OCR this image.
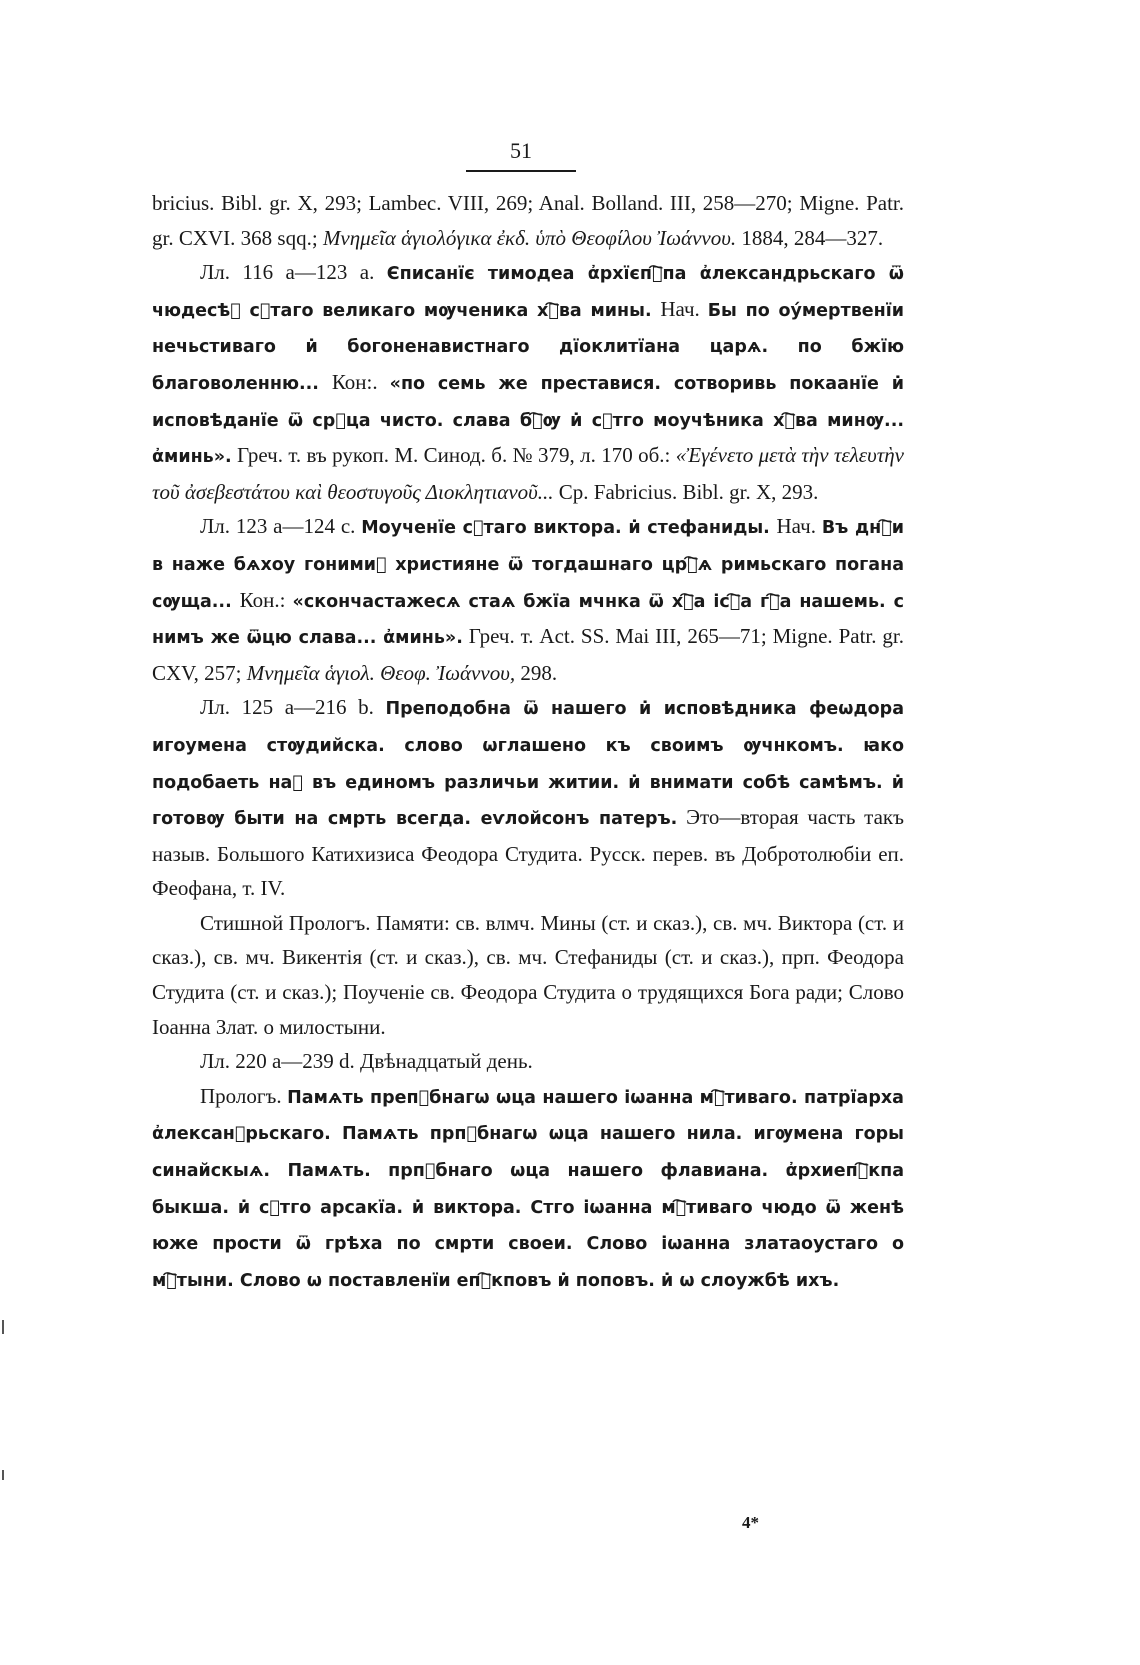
51

bricius. Bibl. gr. X, 293; Lambec. VIII, 269; Anal. Bolland. III, 258—270; Migne. Patr. gr. CXVI. 368 sqq.; Μνημεῖα ἁγιολόγικα ἐκδ. ὑπὸ Θεοφίλου Ἰωάννου. 1884, 284—327.

Лл. 116 а—123 а. Єписанїє тимодеа ἀрхїєпⷭ҇па ἀлександрьскаго ѿ чюдесѣⷯ сⷮтаго великаго мѹченика хⷭ҇ва мины. Нач. Бы по оу́мертвенїи нечьстиваго и̇ богоненавистнаго дїоклитїана царѧ. по бжїю благоволенню... Кон:. «по семь же преставися. сотворивь покаанїе и̇ исповѣданїе ѿ срⷣца чисто. слава бⷹ҇ѹ и̇ сⷮтго моучѣника хⷭ҇ва минѹ... ἀминь». Греч. т. въ рукоп. М. Синод. б. № 379, л. 170 об.: «Ἐγένετο μετὰ τὴν τελευτὴν τοῦ ἀσεβεστάτου καὶ θεοστυγοῦς Διοκλητιανοῦ... Ср. Fabricius. Bibl. gr. X, 293.

Лл. 123 а—124 с. Моученїе сⷮтаго виктора. и̇ стефаниды. Нач. Въ днⷭ҇и в наже бѧхоу гонимиꙵ християне ѿ тогдашнаго црⷭ҇ѧ римьскаго погана сѹща... Кон.: «скончастажесѧ стаѧ бжїа мчнка ѿ хⷭ҇а ісⷭ҇а гⷭ҇а нашемь. с нимъ же ѿцю слава... ἀминь». Греч. т. Act. SS. Mai III, 265—71; Migne. Patr. gr. CXV, 257; Μνημεῖα ἁγιολ. Θεοφ. Ἰωάννου, 298.

Лл. 125 а—216 b. Преподобна ѿ нашего и̇ исповѣдника феѡдора игоумена стѹдийска. слово ѡглашено къ своимъ ѹчнкомъ. ꙗко подобаеть наⷨ въ единомъ различьи житии. и̇ внимати собѣ самѣмъ. и̇ готовѹ быти на смрть всегда. еѵлойсонъ патеръ. Это—вторая часть такъ назыв. Большого Катихизиса Феодора Студита. Русск. перев. въ Добротолюбіи еп. Феофана, т. IV.

Стишной Прологъ. Памяти: св. влмч. Мины (ст. и сказ.), св. мч. Виктора (ст. и сказ.), св. мч. Викентія (ст. и сказ.), св. мч. Стефаниды (ст. и сказ.), прп. Феодора Студита (ст. и сказ.); Поученіе св. Феодора Студита о трудящихся Бога ради; Слово Іоанна Злат. о милостыни.

Лл. 220 а—239 d. Двѣнадцатый день.

Прологъ. Памѧть препⷣбнагѡ ѡца нашего іѡанна мⷭ҇тиваго. патрїарха ἀлексанⷣрьскаго. Памѧть прпⷣбнагѡ ѡца нашего нила. игѹмена горы синайскыѧ. Памѧть. прпⷣбнаго ѡца нашего флавиана. ἀрхиепⷭ҇кпа быкша. и̇ сⷮтго арсакїа. и̇ виктора. Стго іѡанна мⷭ҇тиваго чюдо ѿ женѣ юже прости ѿ грѣха по смрти своеи. Слово іѡанна златаоустаго о мⷭ҇тыни. Слово ѡ поставленїи епⷭ҇кповъ и̇ поповъ. и̇ ѡ слоужбѣ ихъ.

4*
